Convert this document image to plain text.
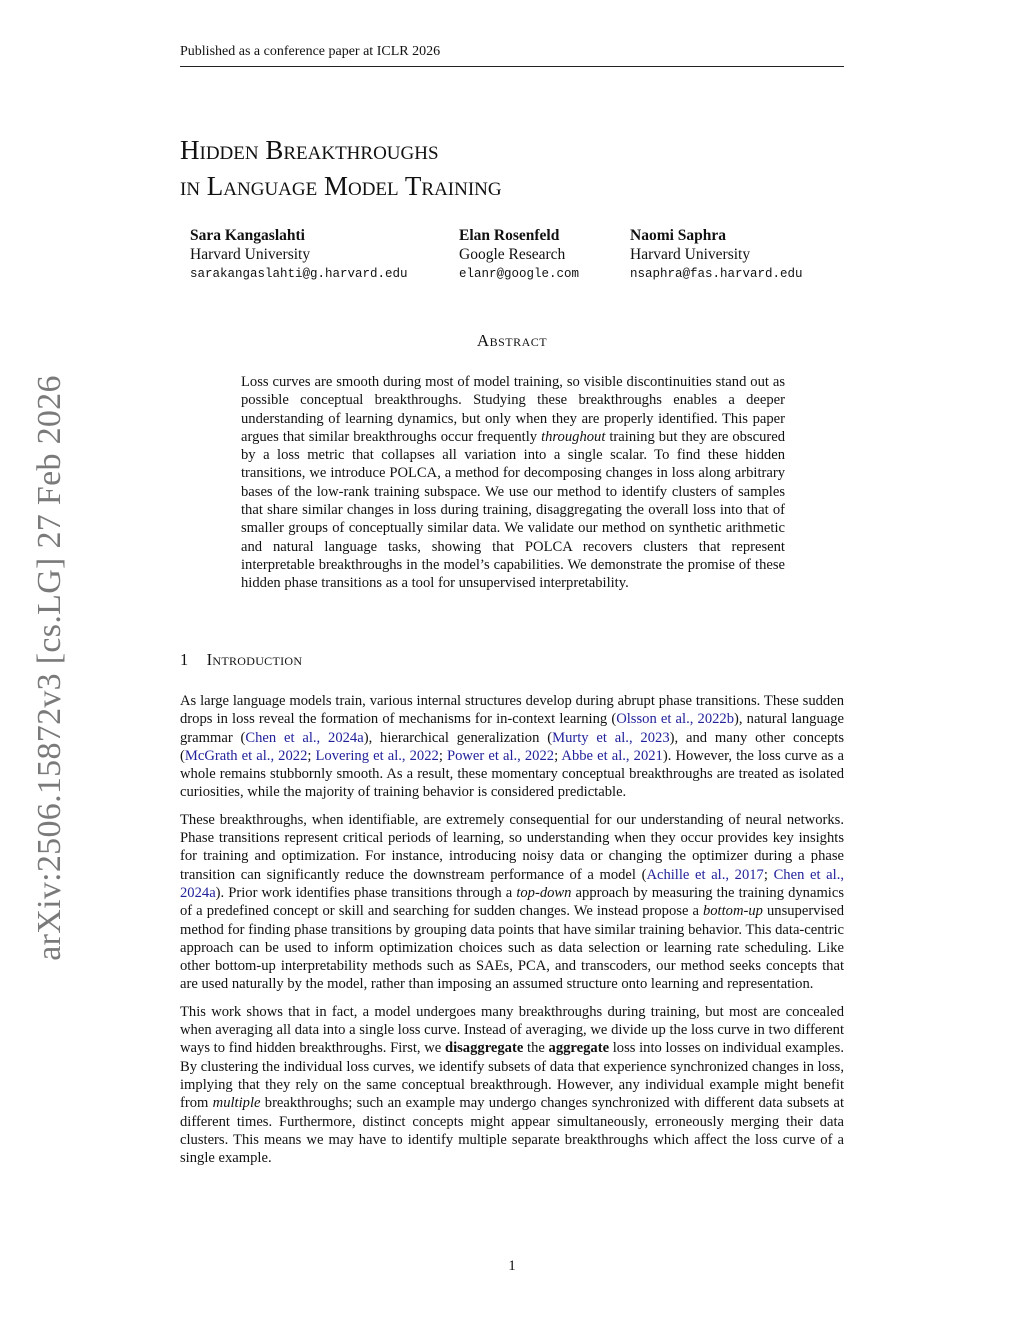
Published as a conference paper at ICLR 2026
arXiv:2506.15872v3 [cs.LG] 27 Feb 2026
Hidden Breakthroughs
in Language Model Training
Sara Kangaslahti
Harvard University
sarakangaslahti@g.harvard.edu
Elan Rosenfeld
Google Research
elanr@google.com
Naomi Saphra
Harvard University
nsaphra@fas.harvard.edu
Abstract

Loss curves are smooth during most of model training, so visible discontinuities stand out as possible conceptual breakthroughs. Studying these breakthroughs enables a deeper understanding of learning dynamics, but only when they are properly identified. This paper argues that similar breakthroughs occur frequently throughout training but they are obscured by a loss metric that collapses all variation into a single scalar. To find these hidden transitions, we introduce POLCA, a method for decomposing changes in loss along arbitrary bases of the low-rank training subspace. We use our method to identify clusters of samples that share similar changes in loss during training, disaggregating the overall loss into that of smaller groups of conceptually similar data. We validate our method on synthetic arithmetic and natural language tasks, showing that POLCA recovers clusters that represent interpretable breakthroughs in the model’s capabilities. We demonstrate the promise of these hidden phase transitions as a tool for unsupervised interpretability.

1 Introduction

As large language models train, various internal structures develop during abrupt phase transitions. These sudden drops in loss reveal the formation of mechanisms for in-context learning (Olsson et al., 2022b), natural language grammar (Chen et al., 2024a), hierarchical generalization (Murty et al., 2023), and many other concepts (McGrath et al., 2022; Lovering et al., 2022; Power et al., 2022; Abbe et al., 2021). However, the loss curve as a whole remains stubbornly smooth. As a result, these momentary conceptual breakthroughs are treated as isolated curiosities, while the majority of training behavior is considered predictable.

These breakthroughs, when identifiable, are extremely consequential for our understanding of neural networks. Phase transitions represent critical periods of learning, so understanding when they occur provides key insights for training and optimization. For instance, introducing noisy data or changing the optimizer during a phase transition can significantly reduce the downstream performance of a model (Achille et al., 2017; Chen et al., 2024a). Prior work identifies phase transitions through a top-down approach by measuring the training dynamics of a predefined concept or skill and searching for sudden changes. We instead propose a bottom-up unsupervised method for finding phase transitions by grouping data points that have similar training behavior. This data-centric approach can be used to inform optimization choices such as data selection or learning rate scheduling. Like other bottom-up interpretability methods such as SAEs, PCA, and transcoders, our method seeks concepts that are used naturally by the model, rather than imposing an assumed structure onto learning and representation.

This work shows that in fact, a model undergoes many breakthroughs during training, but most are concealed when averaging all data into a single loss curve. Instead of averaging, we divide up the loss curve in two different ways to find hidden breakthroughs. First, we disaggregate the aggregate loss into losses on individual examples. By clustering the individual loss curves, we identify subsets of data that experience synchronized changes in loss, implying that they rely on the same conceptual breakthrough. However, any individual example might benefit from multiple breakthroughs; such an example may undergo changes synchronized with different data subsets at different times. Furthermore, distinct concepts might appear simultaneously, erroneously merging their data clusters. This means we may have to identify multiple separate breakthroughs which affect the loss curve of a single example.

1
